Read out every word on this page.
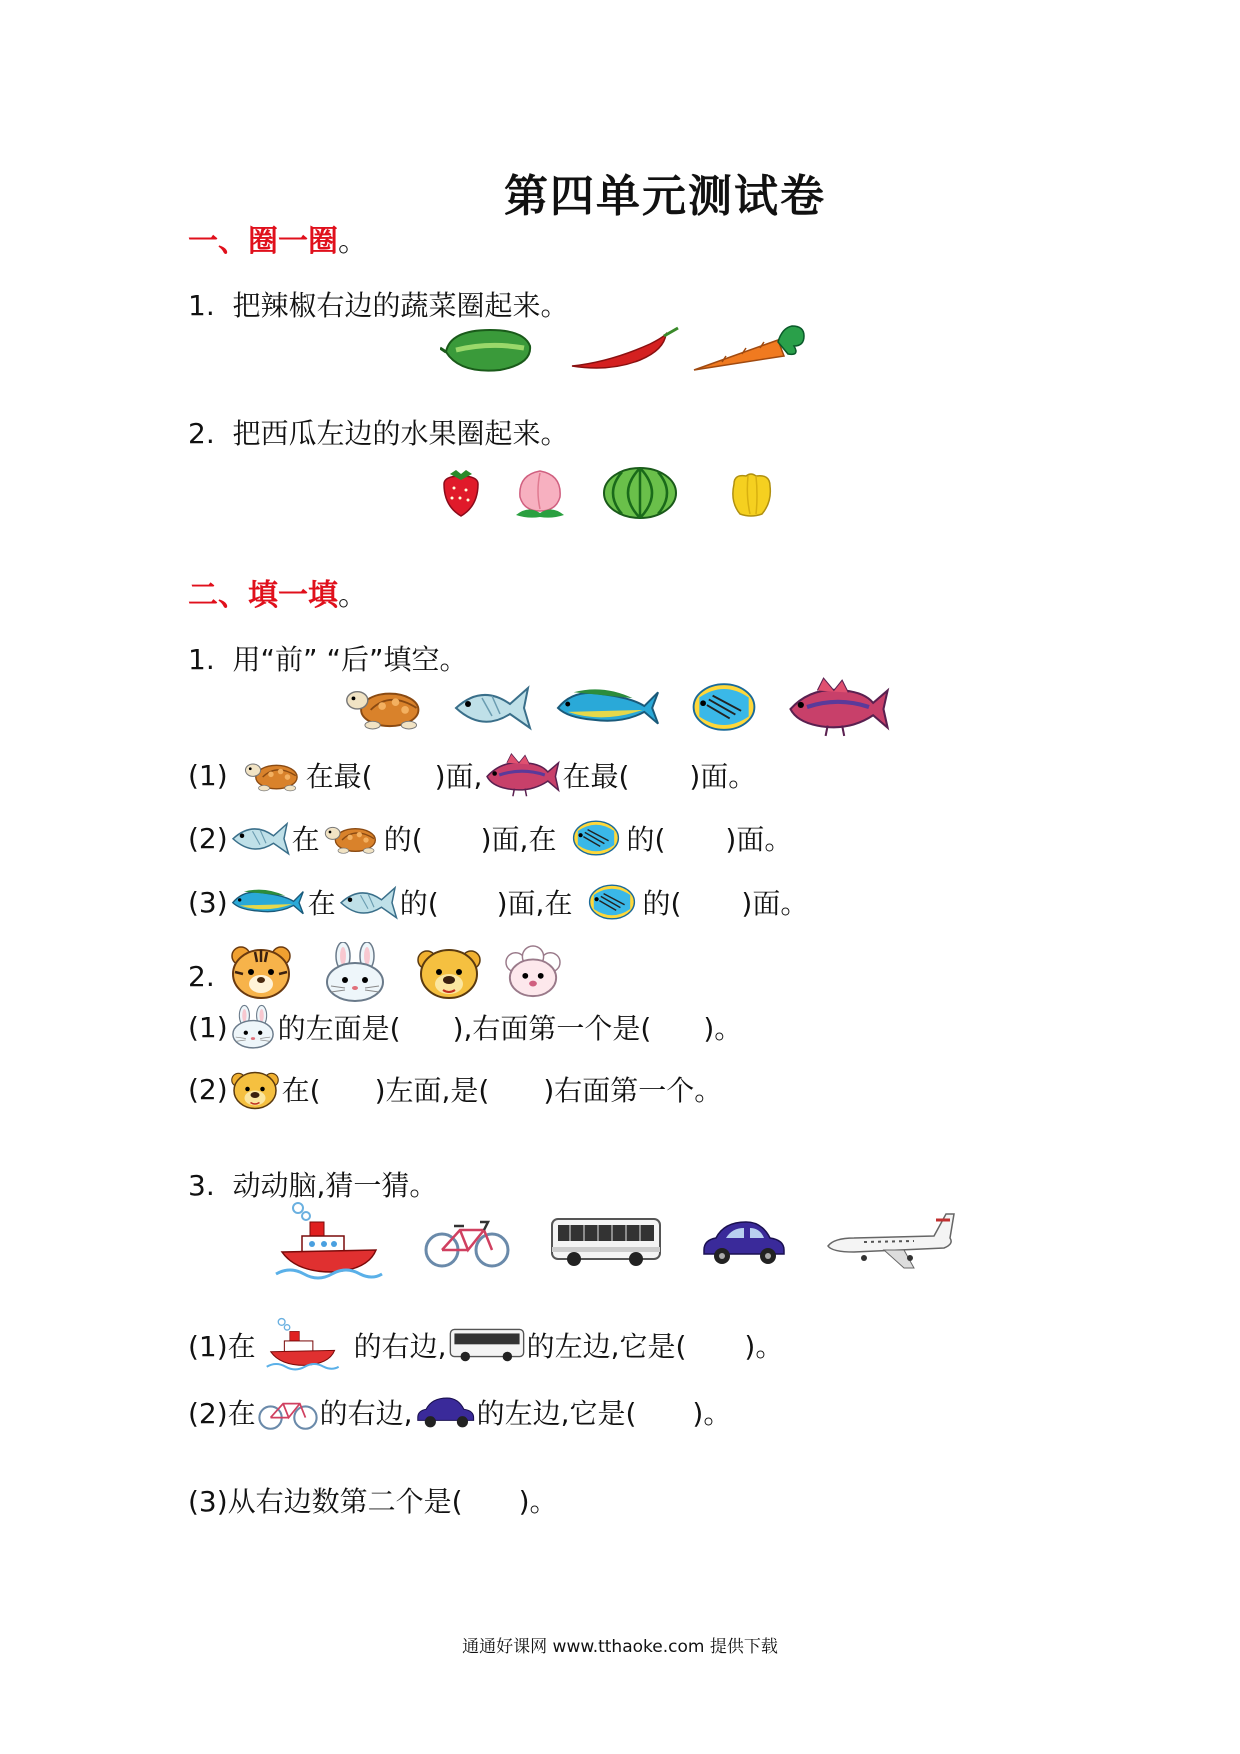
第四单元测试卷
一、圈一圈。
1. 把辣椒右边的蔬菜圈起来。
2. 把西瓜左边的水果圈起来。
二、填一填。
1. 用“前” “后”填空。
(1)	在最( )面,	在最( )面。
(2) 在 的( )面,在	的( )面。
(3)	在 的( )面,在	的( )面。
2.
(1) 的左面是( ),右面第一个是( )。
(2) 在( )左面,是( )右面第一个。
3. 动动脑,猜一猜。
(1)在	的右边,	的左边,它是( )。
(2)在 的右边, 的左边,它是( )。
(3)从右边数第二个是( )。
通通好课网 www.tthaoke.com 提供下载
